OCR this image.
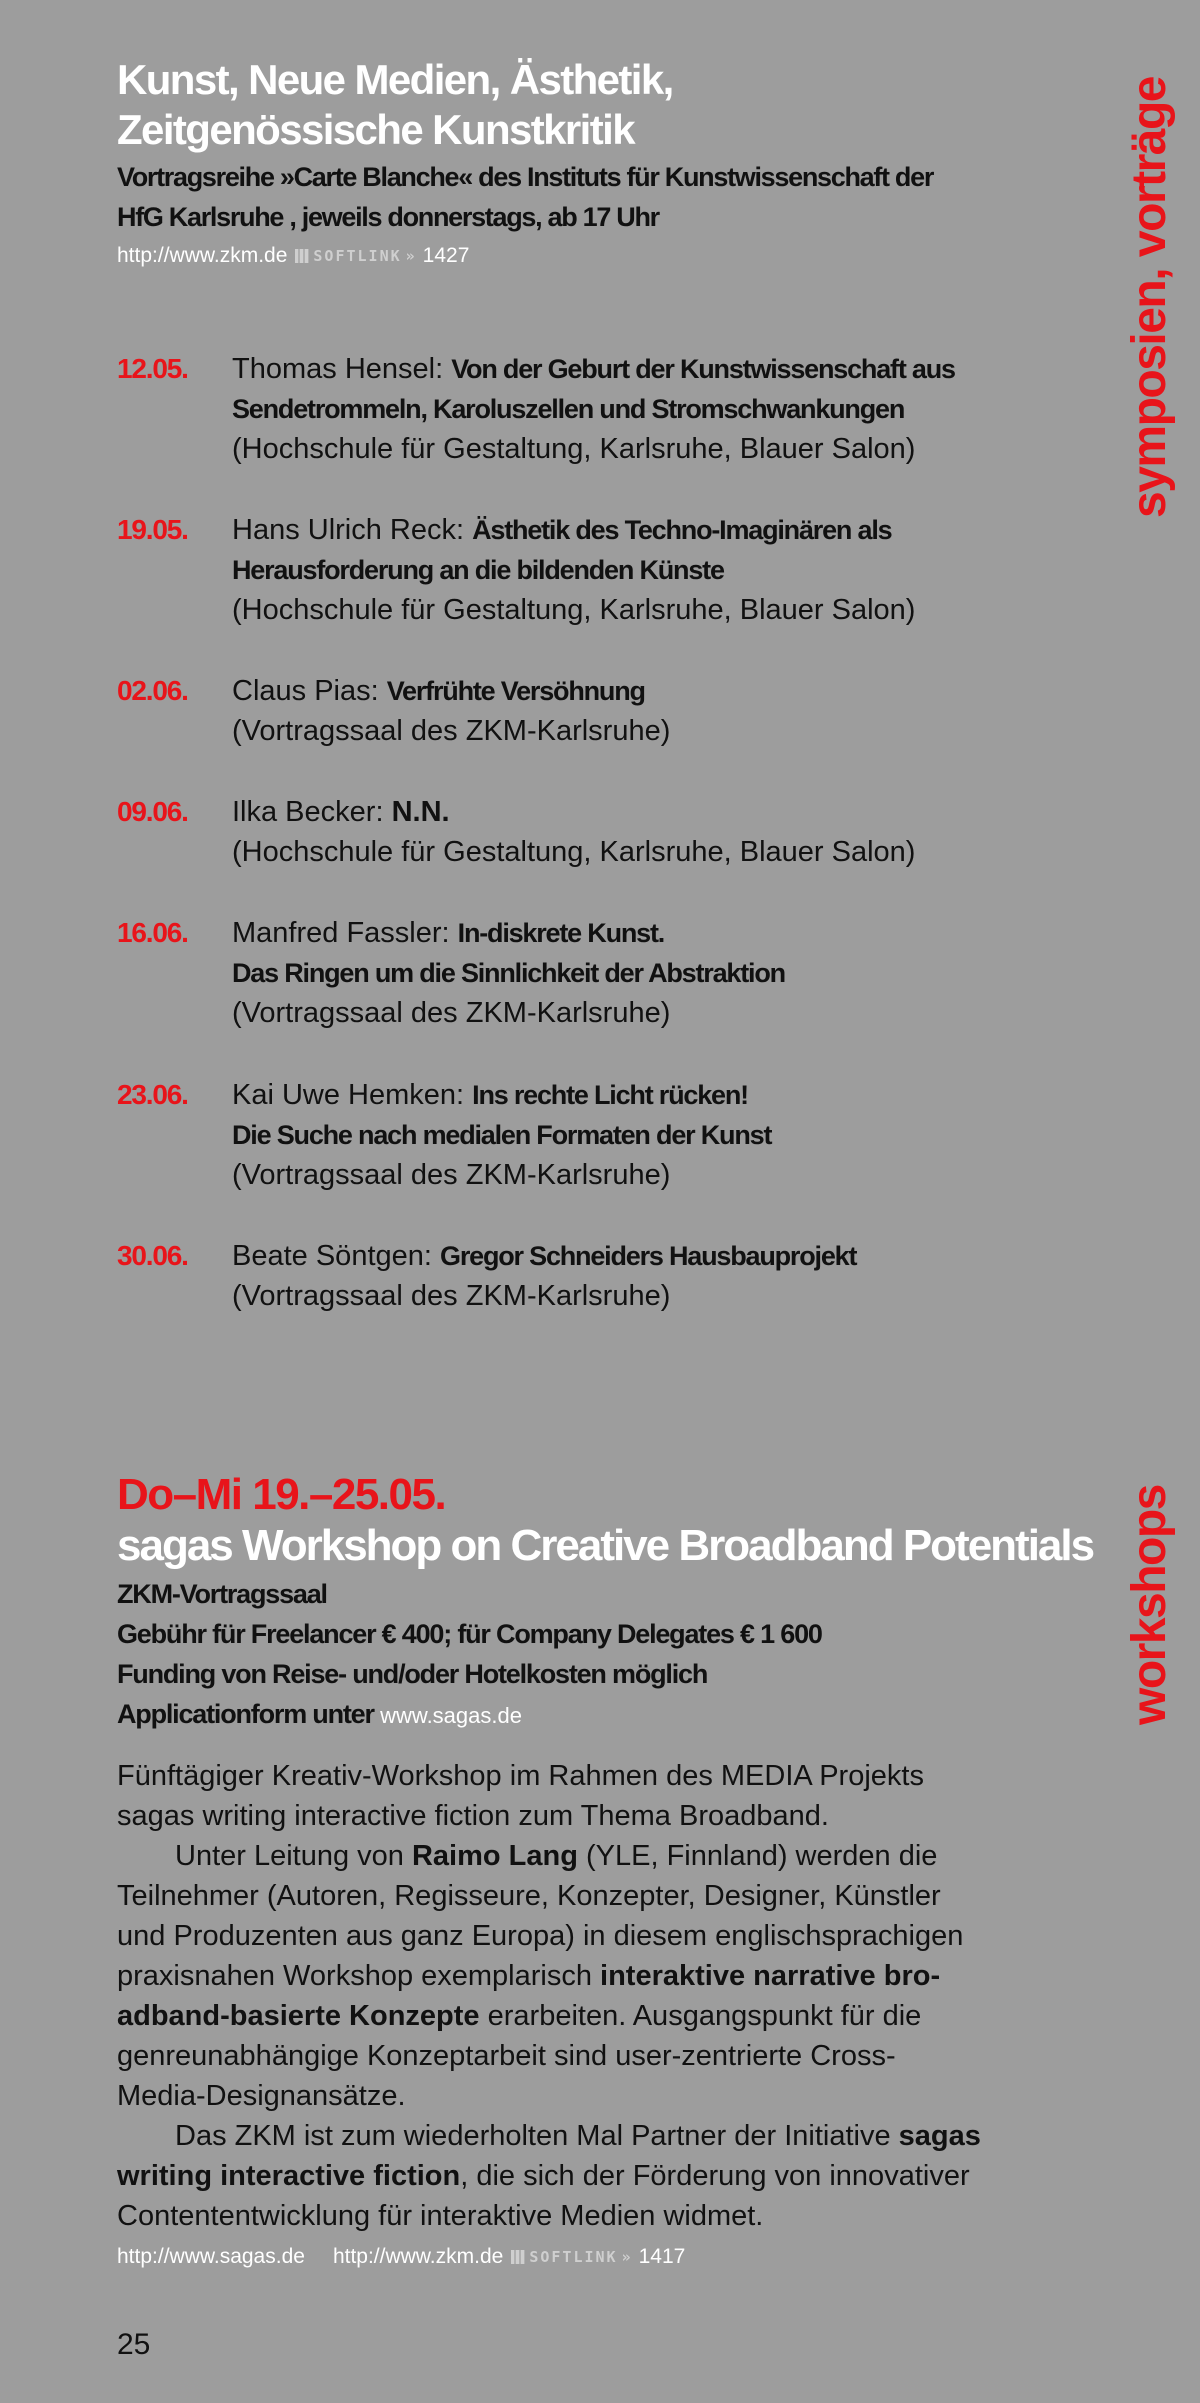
Kunst, Neue Medien, Ästhetik,
Zeitgenössische Kunstkritik
Vortragsreihe »Carte Blanche« des Instituts für Kunstwissenschaft der
HfG Karlsruhe , jeweils donnerstags, ab 17 Uhr
http://www.zkm.de SOFTLINK » 1427	symposien, vorträge
12.05. Thomas Hensel: Von der Geburt der Kunstwissenschaft aus
Sendetrommeln, Karoluszellen und Stromschwankungen
(Hochschule für Gestaltung, Karlsruhe, Blauer Salon)
19.05. Hans Ulrich Reck: Ästhetik des Techno-Imaginären als
Herausforderung an die bildenden Künste
(Hochschule für Gestaltung, Karlsruhe, Blauer Salon)
02.06. Claus Pias: Verfrühte Versöhnung
(Vortragssaal des ZKM-Karlsruhe)
09.06. Ilka Becker: N.N.
(Hochschule für Gestaltung, Karlsruhe, Blauer Salon)
16.06. Manfred Fassler: In-diskrete Kunst.
Das Ringen um die Sinnlichkeit der Abstraktion
(Vortragssaal des ZKM-Karlsruhe)
23.06. Kai Uwe Hemken: Ins rechte Licht rücken!
Die Suche nach medialen Formaten der Kunst
(Vortragssaal des ZKM-Karlsruhe)
30.06. Beate Söntgen: Gregor Schneiders Hausbauprojekt
(Vortragssaal des ZKM-Karlsruhe)
workshops
Do–Mi 19.–25.05.
sagas Workshop on Creative Broadband Potentials
ZKM-Vortragssaal
Gebühr für Freelancer € 400; für Company Delegates € 1 600
Funding von Reise- und/oder Hotelkosten möglich
Applicationform unter www.sagas.de
Fünftägiger Kreativ-Workshop im Rahmen des MEDIA Projekts
sagas writing interactive fiction zum Thema Broadband.
Unter Leitung von Raimo Lang (YLE, Finnland) werden die
Teilnehmer (Autoren, Regisseure, Konzepter, Designer, Künstler
und Produzenten aus ganz Europa) in diesem englischsprachigen
praxisnahen Workshop exemplarisch interaktive narrative bro-
adband-basierte Konzepte erarbeiten. Ausgangspunkt für die
genreunabhängige Konzeptarbeit sind user-zentrierte Cross-
Media-Designansätze.
Das ZKM ist zum wiederholten Mal Partner der Initiative sagas
writing interactive fiction, die sich der Förderung von innovativer
Contententwicklung für interaktive Medien widmet.
http://www.sagas.de http://www.zkm.de SOFTLINK » 1417
25
